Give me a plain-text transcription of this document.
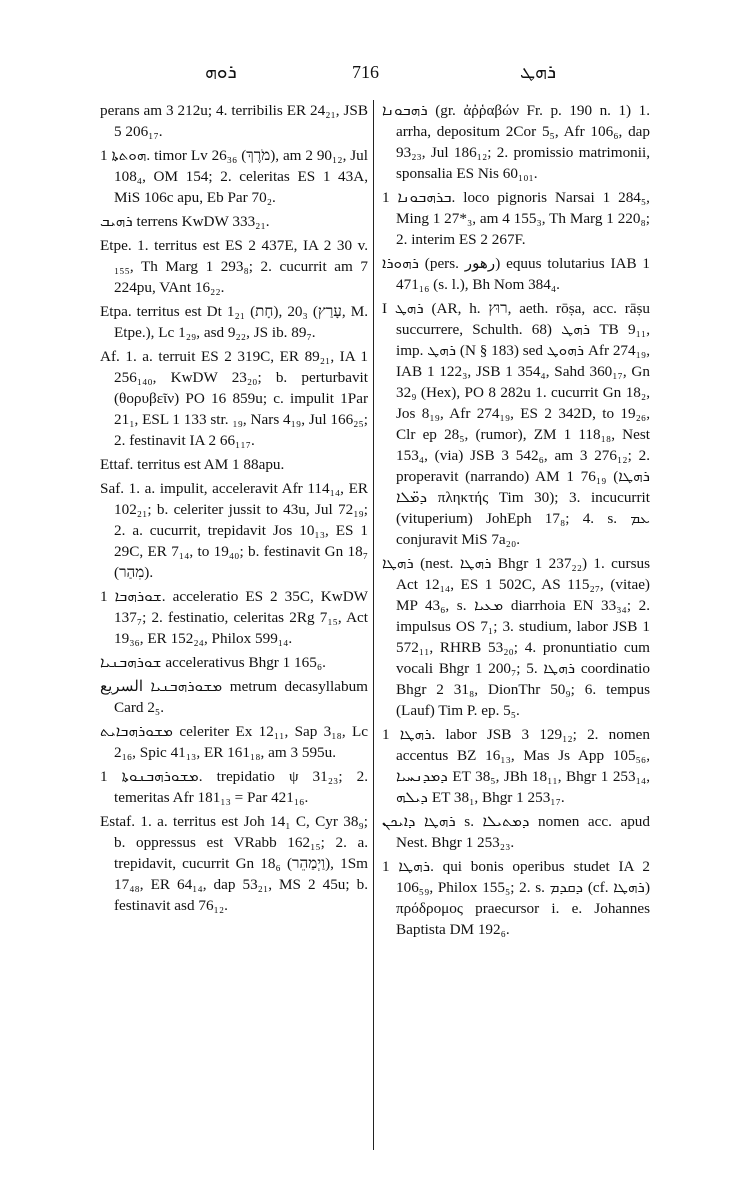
ܪܘܗ	716	ܪܗܛ

perans am 3 212u; 4. terribilis ER 24₂₁, JSB 5 206₁₇.

ܗܘܬܬܐ 1. timor Lv 26₃₆ (מֹרֶךְ), am 2 90₁₂, Jul 108₄, OM 154; 2. celeritas ES 1 43A, MiS 106c apu, Eb Par 70₂.

ܪܗܝܒ terrens KwDW 333₂₁.

Etpe. 1. territus est ES 2 437E, IA 2 30 v. ₁₅₅, Th Marg 1 293₈; 2. cucurrit am 7 224pu, VAnt 16₂₂.

Etpa. territus est Dt 1₂₁ (חָת), 20₃ (עָרַץ, M. Etpe.), Lc 1₂₉, asd 9₂₂, JS ib. 89₇.

Af. 1. a. terruit ES 2 319C, ER 89₂₁, IA 1 256₁₄₀, KwDW 23₂₀; b. perturbavit (θορυβεῖν) PO 16 859u; c. impulit 1Par 21₁, ESL 1 133 str. ₁₉, Nars 4₁₉, Jul 166₂₅; 2. festinavit IA 2 66₁₁₇.

Ettaf. territus est AM 1 88apu.

Saf. 1. a. impulit, acceleravit Afr 114₁₄, ER 102₂₁; b. celeriter jussit to 43u, Jul 72₁₉; 2. a. cucurrit, trepidavit Jos 10₁₃, ES 1 29C, ER 7₁₄, to 19₄₀; b. festinavit Gn 18₇ (מִהַר).

ܫܘܪܗܒܐ 1. acceleratio ES 2 35C, KwDW 137₇; 2. festinatio, celeritas 2Rg 7₁₅, Act 19₃₆, ER 152₂₄, Philox 599₁₄.

ܫܘܪܗܒܢܝܐ accelerativus Bhgr 1 165₆.

ܡܫܘܪܗܒܢܝܐ السريع metrum decasyllabum Card 2₅.

ܡܫܘܪܗܒܐܝܬ celeriter Ex 12₁₁, Sap 3₁₈, Lc 2₁₆, Spic 41₁₃, ER 161₁₈, am 3 595u.

ܡܫܘܪܗܒܢܘܬܐ 1. trepidatio ψ 31₂₃; 2. temeritas Afr 181₁₃ = Par 421₁₆.

Estaf. 1. a. territus est Joh 14₁ C, Cyr 38₉; b. oppressus est VRabb 162₁₅; 2. a. trepidavit, cucurrit Gn 18₆ (וַיְמַהֵר), 1Sm 17₄₈, ER 64₁₄, dap 53₂₁, MS 2 45u; b. festinavit asd 76₁₂.

ܪܗܒܘܢܐ (gr. ἀῤῥαβών Fr. p. 190 n. 1) 1. arrha, depositum 2Cor 5₅, Afr 106₆, dap 93₂₃, Jul 186₁₂; 2. promissio matrimonii, sponsalia ES Nis 60₁₀₁.

ܒܪܗܒܘܢܐ 1. loco pignoris Narsai 1 284₅, Ming 1 27*₃, am 4 155₃, Th Marg 1 220₈; 2. interim ES 2 267F.

ܪܗܘܪܐ (pers. رهور) equus tolutarius IAB 1 471₁₆ (s. l.), Bh Nom 384₄.

I ܪܗܛ (AR, h. רוּץ, aeth. rōṣa, acc. rāṣu succurrere, Schulth. 68) ܪܗܛ TB 9₁₁, imp. ܪܗܛ (N § 183) sed ܪܗܘܛ Afr 274₁₉, IAB 1 122₃, JSB 1 354₄, Sahd 360₁₇, Gn 32₉ (Hex), PO 8 282u 1. cucurrit Gn 18₂, Jos 8₁₉, Afr 274₁₉, ES 2 342D, to 19₂₆, Clr ep 28₅, (rumor), ZM 1 118₁₈, Nest 153₄, (via) JSB 3 542₆, am 3 276₁₂; 2. properavit (narrando) AM 1 76₁₉ (ܪܗܛܐ ܕܡ̈ܠܐ πληκτής Tim 30); 3. incucurrit (vituperium) JohEph 17₈; 4. s. ܥܡ conjuravit MiS 7a₂₀.

ܪܗܛܐ (nest. ܪܗܛܐ Bhgr 1 237₂₂) 1. cursus Act 12₁₄, ES 1 502C, AS 115₂₇, (vitae) MP 43₆, s. ܡܥܝܐ diarrhoia EN 33₃₄; 2. impulsus OS 7₁; 3. studium, labor JSB 1 572₁₁, RHRB 53₂₀; 4. pronuntiatio cum vocali Bhgr 1 200₇; 5. ܪܗܛܐ coordinatio Bhgr 2 31₈, DionThr 50₉; 6. tempus (Lauf) Tim P. ep. 5₅.

ܪܗܛܐ 1. labor JSB 3 129₁₂; 2. nomen accentus BZ 16₁₃, Mas Js App 105₅₆, ܕܡܕܢܚܝܐ ET 38₅, JBh 18₁₁, Bhgr 1 253₁₄, ܕܝܠܗ ET 38₁, Bhgr 1 253₁₇.

ܪܗܛܐ ܕܐܝܟܢ s. ܕܡܬܝܠܐ nomen acc. apud Nest. Bhgr 1 253₂₃.

ܪܗܛܐ 1. qui bonis operibus studet IA 2 106₅₉, Philox 155₅; 2. s. ܕܩܕܡ (cf. ܪܗܛܐ) πρόδρομος praecursor i. e. Johannes Baptista DM 192₆.
